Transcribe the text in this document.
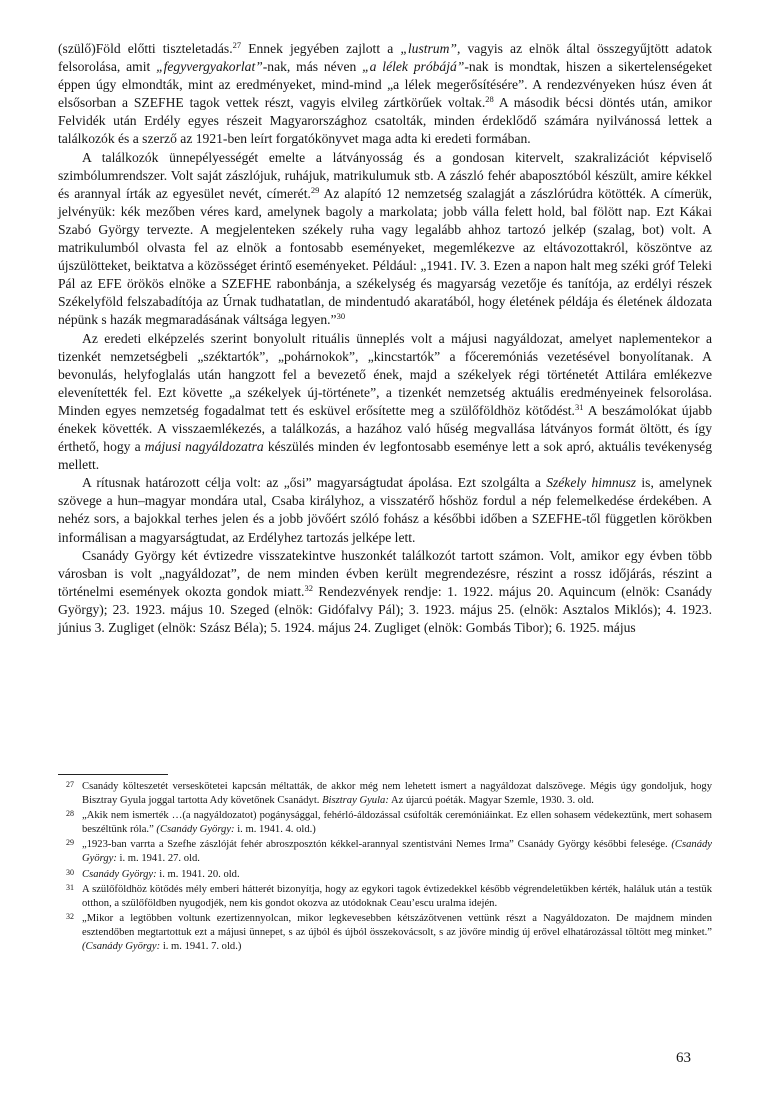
(szülő)Föld előtti tiszteletadás.$^{27}$ Ennek jegyében zajlott a „lustrum”, vagyis az elnök által összegyűjtött adatok felsorolása, amit „fegyvergyakorlat”-nak, más néven „a lélek próbájá”-nak is mondtak, hiszen a sikertelenségeket éppen úgy elmondták, mint az eredményeket, mind-mind „a lélek megerősítésére”. A rendezvényeken húsz éven át elsősorban a SZEFHE tagok vettek részt, vagyis elvileg zártkörűek voltak.$^{28}$ A második bécsi döntés után, amikor Felvidék után Erdély egyes részeit Magyarországhoz csatolták, minden érdeklődő számára nyilvánossá lettek a találkozók és a szerző az 1921-ben leírt forgatókönyvet maga adta ki eredeti formában.

A találkozók ünnepélyességét emelte a látványosság és a gondosan kitervelt, szakralizációt képviselő szimbólumrendszer. Volt saját zászlójuk, ruhájuk, matrikulumuk stb. A zászló fehér abaposztóból készült, amire kékkel és arannyal írták az egyesület nevét, címerét.$^{29}$ Az alapító 12 nemzetség szalagját a zászlórúdra kötötték. A címerük, jelvényük: kék mezőben véres kard, amelynek bagoly a markolata; jobb válla felett hold, bal fölött nap. Ezt Kákai Szabó György tervezte. A megjelenteken székely ruha vagy legalább ahhoz tartozó jelkép (szalag, bot) volt. A matrikulumból olvasta fel az elnök a fontosabb eseményeket, megemlékezve az eltávozottakról, köszöntve az újszülötteket, beiktatva a közösséget érintő eseményeket. Például: „1941. IV. 3. Ezen a napon halt meg széki gróf Teleki Pál az EFE örökös elnöke a SZEFHE rabonbánja, a székelység és magyarság vezetője és tanítója, az erdélyi részek Székelyföld felszabadítója az Úrnak tudhatatlan, de mindentudó akaratából, hogy életének példája és életének áldozata népünk s hazák megmaradásának váltsága legyen.”$^{30}$

Az eredeti elképzelés szerint bonyolult rituális ünneplés volt a májusi nagyáldozat, amelyet naplementekor a tizenkét nemzetségbeli „széktartók”, „pohárnokok”, „kincstartók” a főceremóniás vezetésével bonyolítanak. A bevonulás, helyfoglalás után hangzott fel a bevezető ének, majd a székelyek régi történetét Attilára emlékezve elevenítették fel. Ezt követte „a székelyek új-története”, a tizenkét nemzetség aktuális eredményeinek felsorolása. Minden egyes nemzetség fogadalmat tett és esküvel erősítette meg a szülőföldhöz kötődést.$^{31}$ A beszámolókat újabb énekek követték. A visszaemlékezés, a találkozás, a hazához való hűség megvallása látványos formát öltött, és így érthető, hogy a májusi nagyáldozatra készülés minden év legfontosabb eseménye lett a sok apró, aktuális tevékenység mellett.

A rítusnak határozott célja volt: az „ősi” magyarságtudat ápolása. Ezt szolgálta a Székely himnusz is, amelynek szövege a hun–magyar mondára utal, Csaba királyhoz, a visszatérő hőshöz fordul a nép felemelkedése érdekében. A nehéz sors, a bajokkal terhes jelen és a jobb jövőért szóló fohász a későbbi időben a SZEFHE-től független körökben informálisan a magyarságtudat, az Erdélyhez tartozás jelképe lett.

Csanády György két évtizedre visszatekintve huszonkét találkozót tartott számon. Volt, amikor egy évben több városban is volt „nagyáldozat”, de nem minden évben került megrendezésre, részint a rossz időjárás, részint a történelmi események okozta gondok miatt.$^{32}$ Rendezvények rendje: 1. 1922. május 20. Aquincum (elnök: Csanády György); 23. 1923. május 10. Szeged (elnök: Gidófalvy Pál); 3. 1923. május 25. (elnök: Asztalos Miklós); 4. 1923. június 3. Zugliget (elnök: Szász Béla); 5. 1924. május 24. Zugliget (elnök: Gombás Tibor); 6. 1925. május

27 Csanády költeszetét verseskötetei kapcsán méltatták, de akkor még nem lehetett ismert a nagyáldozat dalszövege. Mégis úgy gondoljuk, hogy Bisztray Gyula joggal tartotta Ady követőnek Csanádyt. Bisztray Gyula: Az újarcú poéták. Magyar Szemle, 1930. 3. old.
28 „Akik nem ismerték …(a nagyáldozatot) pogánysággal, fehérló-áldozással csúfolták ceremóniáinkat. Ez ellen sohasem védekeztünk, mert sohasem beszéltünk róla.” (Csanády György: i. m. 1941. 4. old.)
29 „1923-ban varrta a Szefhe zászlóját fehér abroszposztón kékkel-arannyal szentistváni Nemes Irma” Csanády György későbbi feleségе. (Csanády György: i. m. 1941. 27. old.
30 Csanády György: i. m. 1941. 20. old.
31 A szülőföldhöz kötődés mély emberi hátterét bizonyítja, hogy az egykori tagok évtizedekkel később végrendeletükben kérték, haláluk után a testük otthon, a szülőföldben nyugodjék, nem kis gondot okozva az utódoknak Ceau’escu uralma idején.
32 „Mikor a legtöbben voltunk ezertizennyolcan, mikor legkevesebben kétszázötvenen vettünk részt a Nagyáldozaton. De majdnem minden esztendőben megtartottuk ezt a májusi ünnepet, s az újból és újból összekovácsolt, s az jövőre mindig új erővel elhatározással töltött meg minket.” (Csanády György: i. m. 1941. 7. old.)
63
